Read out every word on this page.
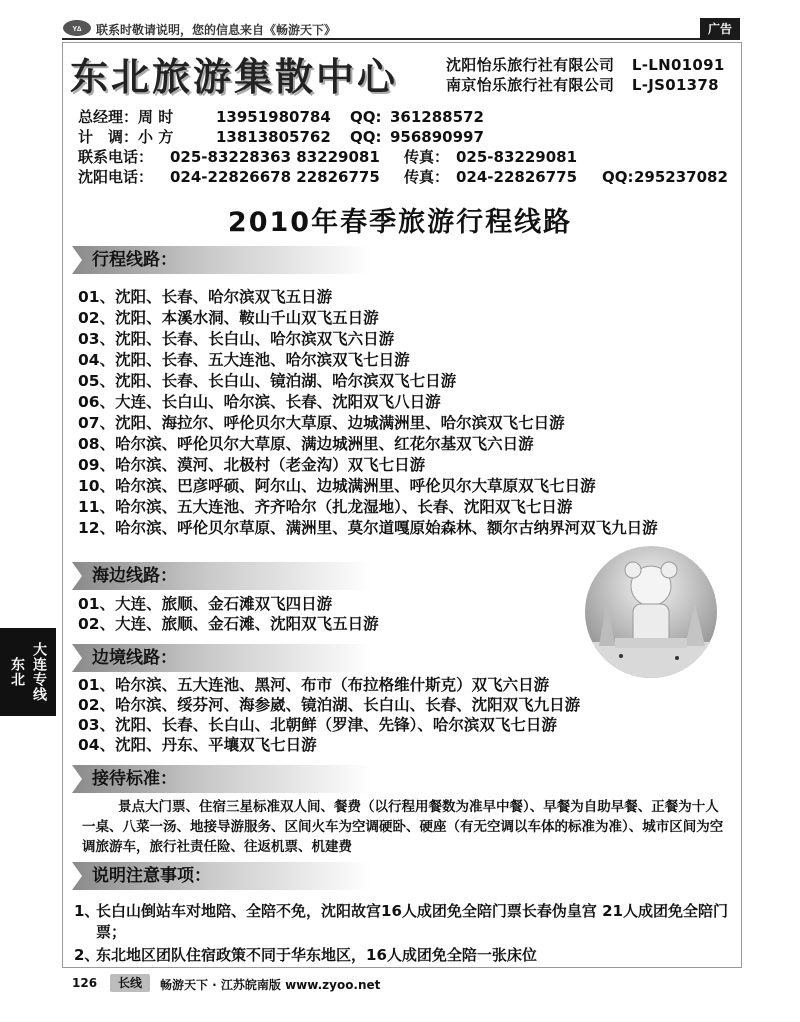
Y∆ 联系时敬请说明，您的信息来自《畅游天下》	广告
东北旅游集散中心	沈阳怡乐旅行社有限公司 L-LN01091
南京怡乐旅行社有限公司 L-JS01378
总经理：周 时	13951980784 QQ: 361288572
计　调：小 方	13813805762 QQ: 956890997
联系电话： 025-83228363 83229081 传真： 025-83229081
沈阳电话： 024-22826678 22826775 传真： 024-22826775 QQ: 295237082
2010年春季旅游行程线路
行程线路：
01、沈阳、长春、哈尔滨双飞五日游
02、沈阳、本溪水洞、鞍山千山双飞五日游
03、沈阳、长春、长白山、哈尔滨双飞六日游
04、沈阳、长春、五大连池、哈尔滨双飞七日游
05、沈阳、长春、长白山、镜泊湖、哈尔滨双飞七日游
06、大连、长白山、哈尔滨、长春、沈阳双飞八日游
07、沈阳、海拉尔、呼伦贝尔大草原、边城满洲里、哈尔滨双飞七日游
08、哈尔滨、呼伦贝尔大草原、满边城洲里、红花尔基双飞六日游
09、哈尔滨、漠河、北极村（老金沟）双飞七日游
10、哈尔滨、巴彦呼硕、阿尔山、边城满洲里、呼伦贝尔大草原双飞七日游
11、哈尔滨、五大连池、齐齐哈尔（扎龙湿地）、长春、沈阳双飞七日游
12、哈尔滨、呼伦贝尔草原、满洲里、莫尔道嘎原始森林、额尔古纳界河双飞九日游
海边线路：
01、大连、旅顺、金石滩双飞四日游
02、大连、旅顺、金石滩、沈阳双飞五日游
边境线路：
01、哈尔滨、五大连池、黑河、布市（布拉格维什斯克）双飞六日游
02、哈尔滨、绥芬河、海参崴、镜泊湖、长白山、长春、沈阳双飞九日游
03、沈阳、长春、长白山、北朝鲜（罗津、先锋）、哈尔滨双飞七日游
04、沈阳、丹东、平壤双飞七日游
接待标准：
景点大门票、住宿三星标准双人间、餐费（以行程用餐数为准早中餐）、早餐为自助早餐、正餐为十人一桌、八菜一汤、地接导游服务、区间火车为空调硬卧、硬座（有无空调以车体的标准为准）、城市区间为空调旅游车，旅行社责任险、往返机票、机建费
说明注意事项：
1、
长白山倒站车对地陪、全陪不免，沈阳故宫16人成团免全陪门票长春伪皇宫 21人成团免全陪门票；
2、
东北地区团队住宿政策不同于华东地区，16人成团免全陪一张床位
东北 大连专线
126	长线	畅游天下 · 江苏皖南版 www.zyoo.net
